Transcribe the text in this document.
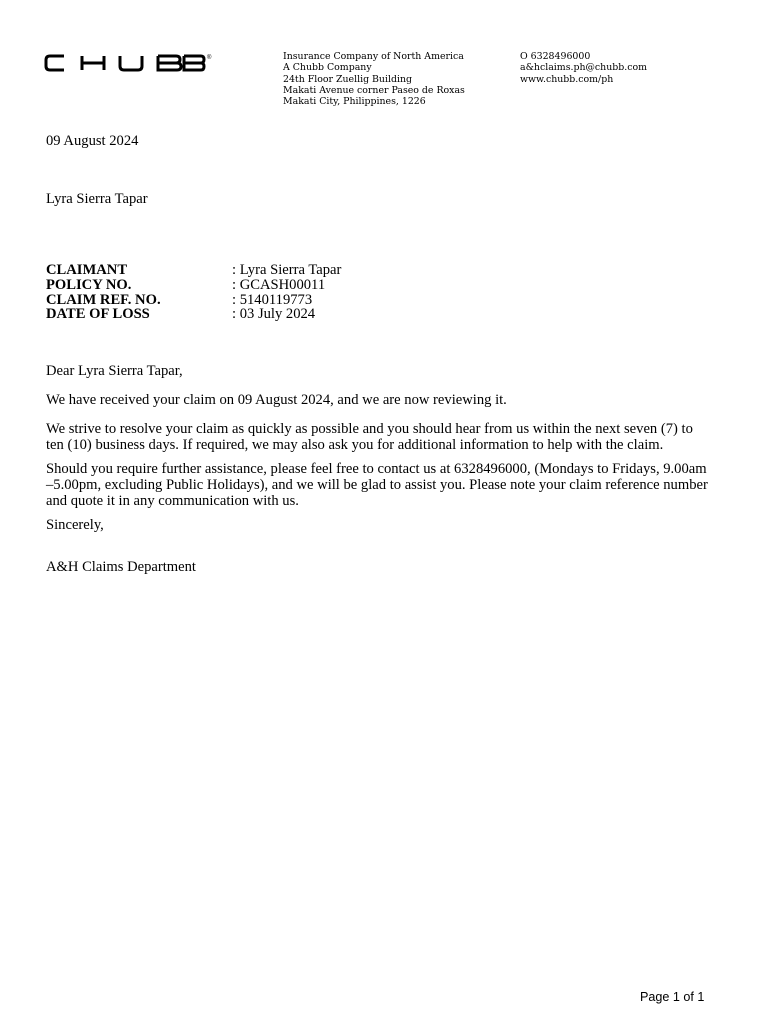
®	Insurance Company of North America
A Chubb Company
24th Floor Zuellig Building
Makati Avenue corner Paseo de Roxas
Makati City, Philippines, 1226
O 6328496000
a&hclaims.ph@chubb.com
www.chubb.com/ph
09 August 2024
Lyra Sierra Tapar
CLAIMANT	: Lyra Sierra Tapar
POLICY NO.	: GCASH00011
CLAIM REF. NO.	: 5140119773
DATE OF LOSS	: 03 July 2024

Dear Lyra Sierra Tapar,

We have received your claim on 09 August 2024, and we are now reviewing it.

We strive to resolve your claim as quickly as possible and you should hear from us within the next seven (7) to ten (10) business days. If required, we may also ask you for additional information to help with the claim.

Should you require further assistance, please feel free to contact us at 6328496000, (Mondays to Fridays, 9.00am –5.00pm, excluding Public Holidays), and we will be glad to assist you. Please note your claim reference number and quote it in any communication with us.

Sincerely,

A&H Claims Department

Page 1 of 1
